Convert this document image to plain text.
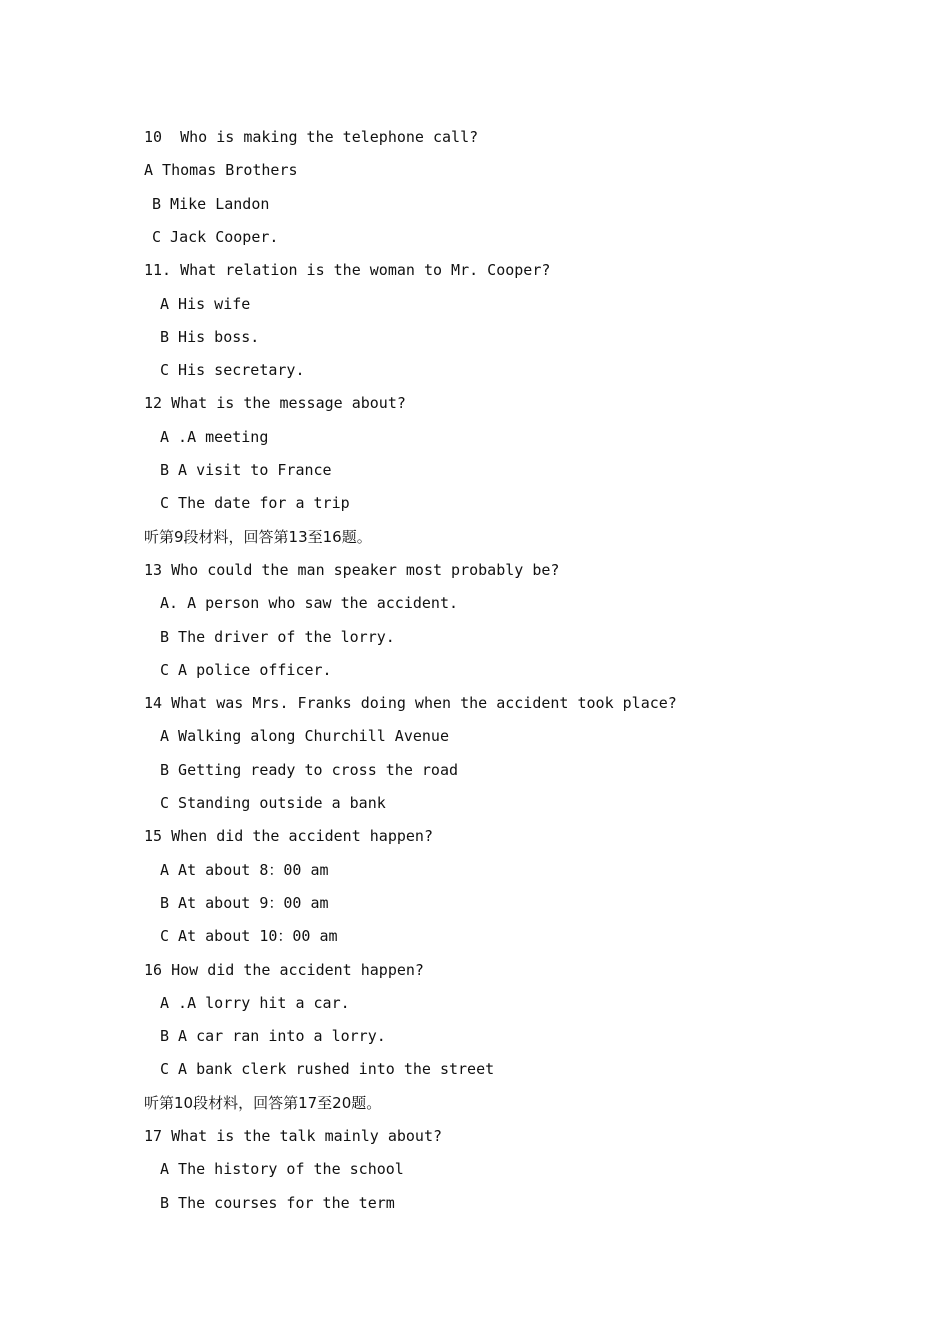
10  Who is making the telephone call?
A Thomas Brothers
B Mike Landon
C Jack Cooper.
11. What relation is the woman to Mr. Cooper?
A His wife
B His boss.
C His secretary.
12 What is the message about?
A .A meeting
B A visit to France
C The date for a trip
听第9段材料，回答第13至16题。
13 Who could the man speaker most probably be?
A. A person who saw the accident.
B The driver of the lorry.
C A police officer.
14 What was Mrs. Franks doing when the accident took place?
A Walking along Churchill Avenue
B Getting ready to cross the road
C Standing outside a bank
15 When did the accident happen?
A At about 8：00 am
B At about 9：00 am
C At about 10：00 am
16 How did the accident happen?
A .A lorry hit a car.
B A car ran into a lorry.
C A bank clerk rushed into the street
听第10段材料，回答第17至20题。
17 What is the talk mainly about?
A The history of the school
B The courses for the term
